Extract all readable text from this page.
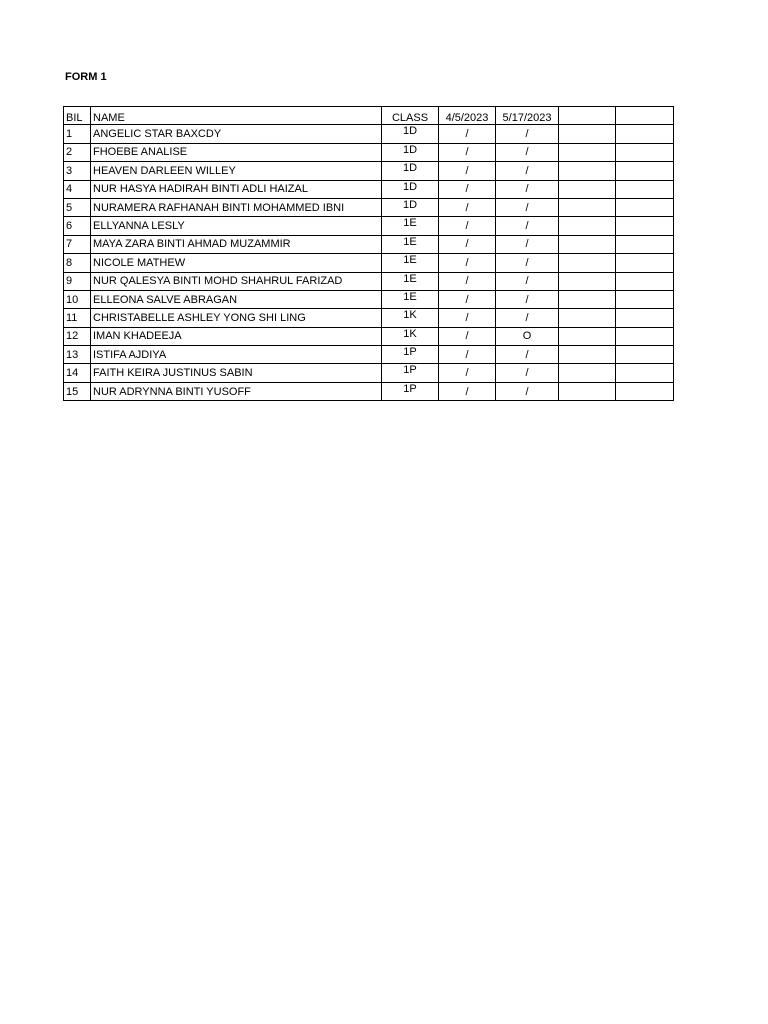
FORM 1
BIL	NAME	CLASS	4/5/2023	5/17/2023		
1	ANGELIC STAR BAXCDY	1D	/	/		
2	FHOEBE ANALISE	1D	/	/		
3	HEAVEN DARLEEN WILLEY	1D	/	/		
4	NUR HASYA HADIRAH BINTI ADLI HAIZAL	1D	/	/		
5	NURAMERA RAFHANAH BINTI MOHAMMED IBNI	1D	/	/		
6	ELLYANNA LESLY	1E	/	/		
7	MAYA ZARA BINTI AHMAD MUZAMMIR	1E	/	/		
8	NICOLE MATHEW	1E	/	/		
9	NUR QALESYA BINTI MOHD SHAHRUL FARIZAD	1E	/	/		
10	ELLEONA SALVE ABRAGAN	1E	/	/		
11	CHRISTABELLE ASHLEY YONG SHI LING	1K	/	/		
12	IMAN KHADEEJA	1K	/	O		
13	ISTIFA AJDIYA	1P	/	/		
14	FAITH KEIRA JUSTINUS SABIN	1P	/	/		
15	NUR ADRYNNA BINTI YUSOFF	1P	/	/		
